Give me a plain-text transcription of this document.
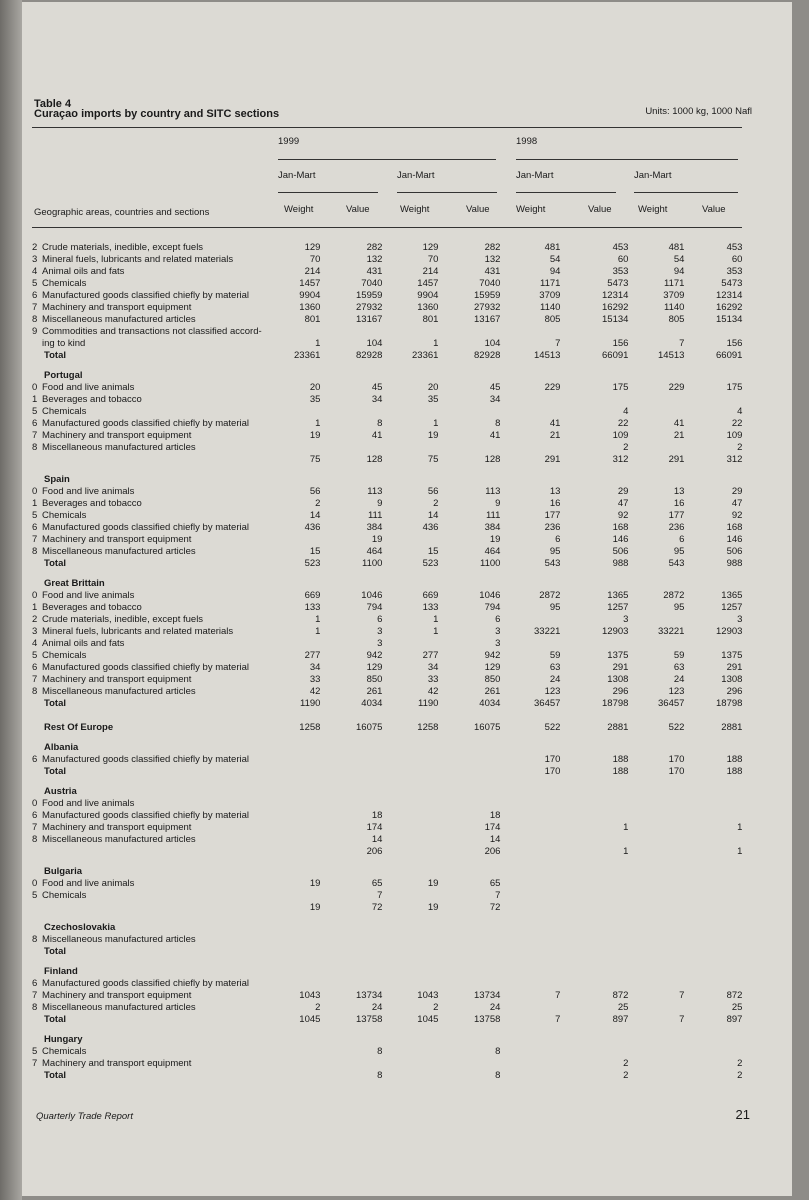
Table 4
Curaçao imports by country and SITC sections	Units: 1000 kg, 1000 Nafl
1999	1998
Jan-Mart	Jan-Mart	Jan-Mart	Jan-Mart
Geographic areas, countries and sections	Weight	Value	Weight	Value	Weight	Value	Weight	Value
2 Crude materials, inedible, except fuels	129	282	129	282	481	453	481	453
3 Mineral fuels, lubricants and related materials	70	132	70	132	54	60	54	60
4 Animal oils and fats	214	431	214	431	94	353	94	353
5 Chemicals	1457	7040	1457	7040	1171	5473	1171	5473
6 Manufactured goods classified chiefly by material	9904	15959	9904	15959	3709	12314	3709	12314
7 Machinery and transport equipment	1360	27932	1360	27932	1140	16292	1140	16292
8 Miscellaneous manufactured articles	801	13167	801	13167	805	15134	805	15134
9 Commodities and transactions not classified accord-								
ing to kind	1	104	1	104	7	156	7	156
Total	23361	82928	23361	82928	14513	66091	14513	66091
Portugal								
0 Food and live animals	20	45	20	45	229	175	229	175
1 Beverages and tobacco	35	34	35	34				
5 Chemicals						4		4
6 Manufactured goods classified chiefly by material	1	8	1	8	41	22	41	22
7 Machinery and transport equipment	19	41	19	41	21	109	21	109
8 Miscellaneous manufactured articles						2		2
	75	128	75	128	291	312	291	312
Spain								
0 Food and live animals	56	113	56	113	13	29	13	29
1 Beverages and tobacco	2	9	2	9	16	47	16	47
5 Chemicals	14	111	14	111	177	92	177	92
6 Manufactured goods classified chiefly by material	436	384	436	384	236	168	236	168
7 Machinery and transport equipment		19		19	6	146	6	146
8 Miscellaneous manufactured articles	15	464	15	464	95	506	95	506
Total	523	1100	523	1100	543	988	543	988
Great Brittain								
0 Food and live animals	669	1046	669	1046	2872	1365	2872	1365
1 Beverages and tobacco	133	794	133	794	95	1257	95	1257
2 Crude materials, inedible, except fuels	1	6	1	6		3		3
3 Mineral fuels, lubricants and related materials	1	3	1	3	33221	12903	33221	12903
4 Animal oils and fats		3		3				
5 Chemicals	277	942	277	942	59	1375	59	1375
6 Manufactured goods classified chiefly by material	34	129	34	129	63	291	63	291
7 Machinery and transport equipment	33	850	33	850	24	1308	24	1308
8 Miscellaneous manufactured articles	42	261	42	261	123	296	123	296
Total	1190	4034	1190	4034	36457	18798	36457	18798

Rest Of Europe	1258	16075	1258	16075	522	2881	522	2881
Albania								
6 Manufactured goods classified chiefly by material					170	188	170	188
Total					170	188	170	188
Austria								
0 Food and live animals								
6 Manufactured goods classified chiefly by material		18		18				
7 Machinery and transport equipment		174		174		1		1
8 Miscellaneous manufactured articles		14		14				
		206		206		1		1
Bulgaria								
0 Food and live animals	19	65	19	65				
5 Chemicals		7		7				
	19	72	19	72				
Czechoslovakia								
8 Miscellaneous manufactured articles								
Total								
Finland								
6 Manufactured goods classified chiefly by material								
7 Machinery and transport equipment	1043	13734	1043	13734	7	872	7	872
8 Miscellaneous manufactured articles	2	24	2	24		25		25
Total	1045	13758	1045	13758	7	897	7	897
Hungary								
5 Chemicals		8		8				
7 Machinery and transport equipment						2		2
Total		8		8		2		2
Quarterly Trade Report	21
